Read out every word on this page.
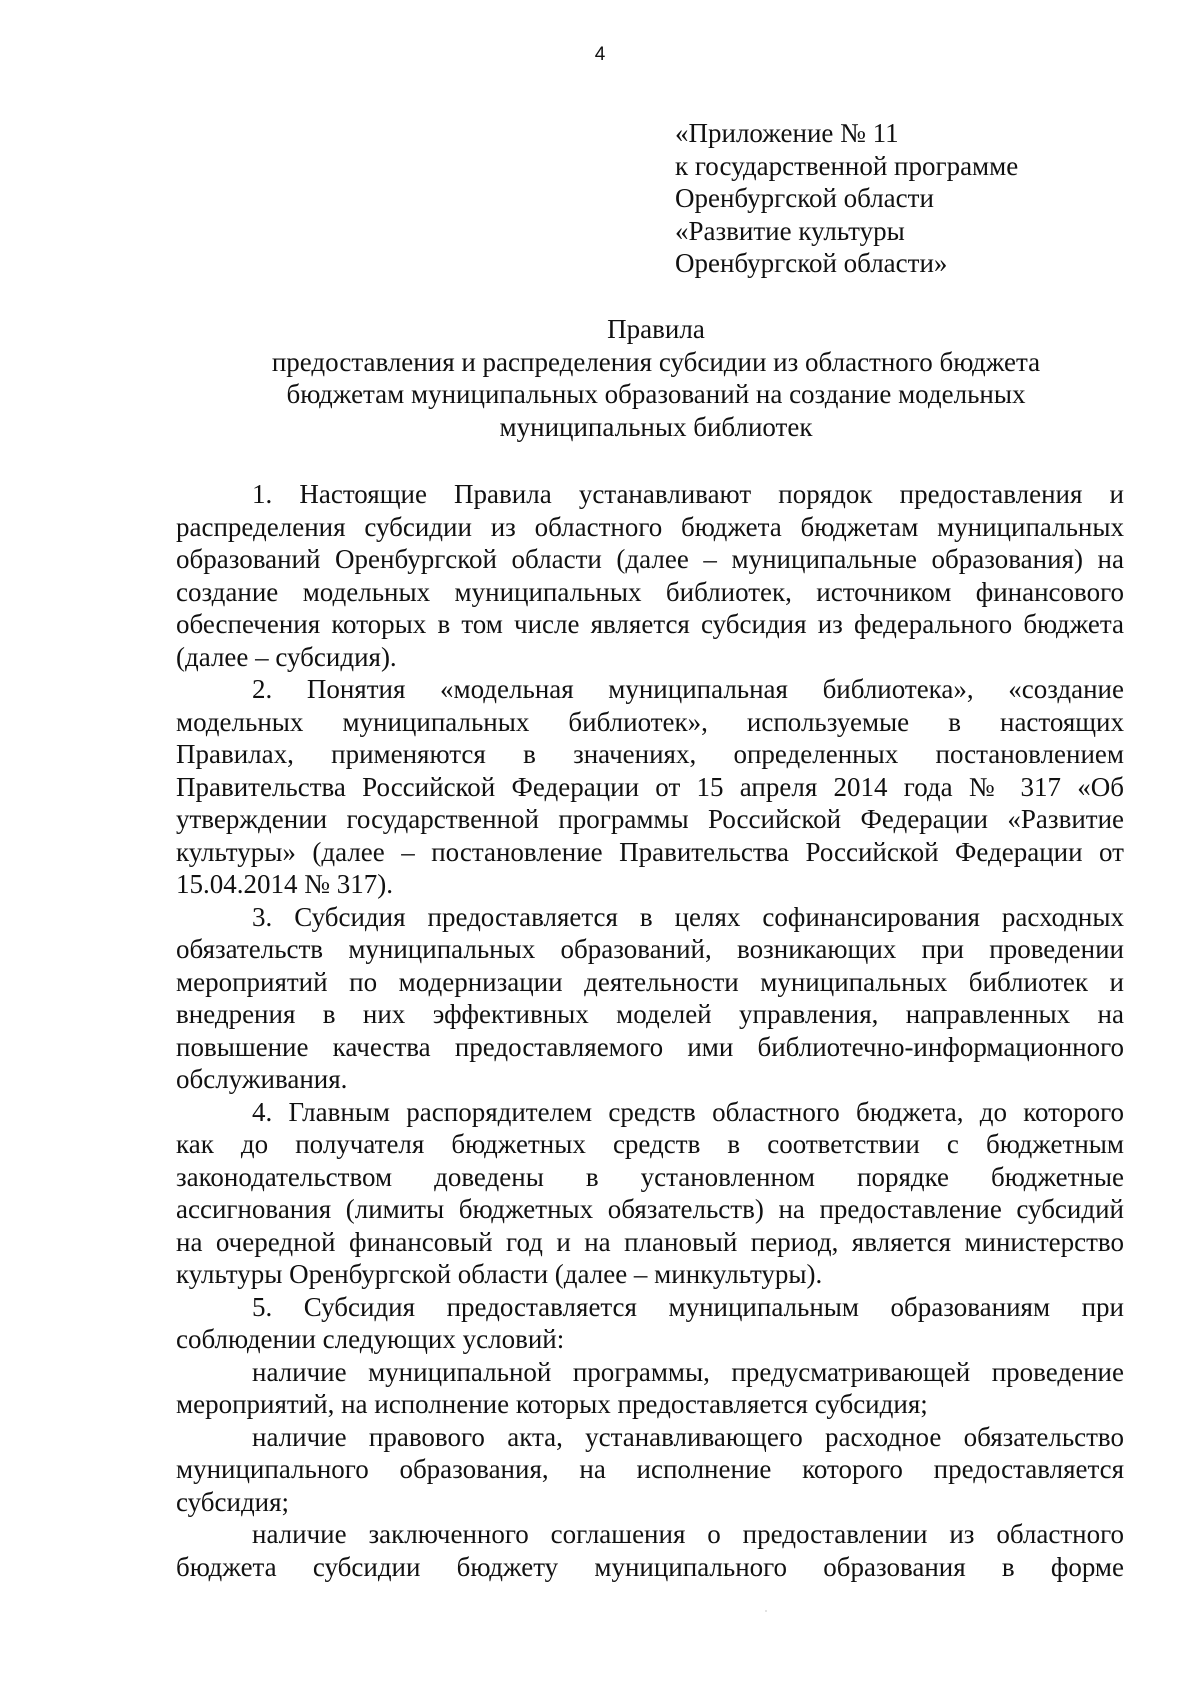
4
«Приложение № 11
к государственной программе
Оренбургской области
«Развитие культуры
Оренбургской области»
Правила
предоставления и распределения субсидии из областного бюджета
бюджетам муниципальных образований на создание модельных
муниципальных библиотек
1. Настоящие Правила устанавливают порядок предоставления и
распределения субсидии из областного бюджета бюджетам муниципальных
образований Оренбургской области (далее – муниципальные образования) на
создание модельных муниципальных библиотек, источником финансового
обеспечения которых в том числе является субсидия из федерального бюджета
(далее – субсидия).
2. Понятия «модельная муниципальная библиотека», «создание
модельных муниципальных библиотек», используемые в настоящих
Правилах, применяются в значениях, определенных постановлением
Правительства Российской Федерации от 15 апреля 2014 года № 317 «Об
утверждении государственной программы Российской Федерации «Развитие
культуры» (далее – постановление Правительства Российской Федерации от
15.04.2014 № 317).
3. Субсидия предоставляется в целях софинансирования расходных
обязательств муниципальных образований, возникающих при проведении
мероприятий по модернизации деятельности муниципальных библиотек и
внедрения в них эффективных моделей управления, направленных на
повышение качества предоставляемого ими библиотечно-информационного
обслуживания.
4. Главным распорядителем средств областного бюджета, до которого
как до получателя бюджетных средств в соответствии с бюджетным
законодательством доведены в установленном порядке бюджетные
ассигнования (лимиты бюджетных обязательств) на предоставление субсидий
на очередной финансовый год и на плановый период, является министерство
культуры Оренбургской области (далее – минкультуры).
5. Субсидия предоставляется муниципальным образованиям при
соблюдении следующих условий:
наличие муниципальной программы, предусматривающей проведение
мероприятий, на исполнение которых предоставляется субсидия;
наличие правового акта, устанавливающего расходное обязательство
муниципального образования, на исполнение которого предоставляется
субсидия;
наличие заключенного соглашения о предоставлении из областного
бюджета субсидии бюджету муниципального образования в форме
